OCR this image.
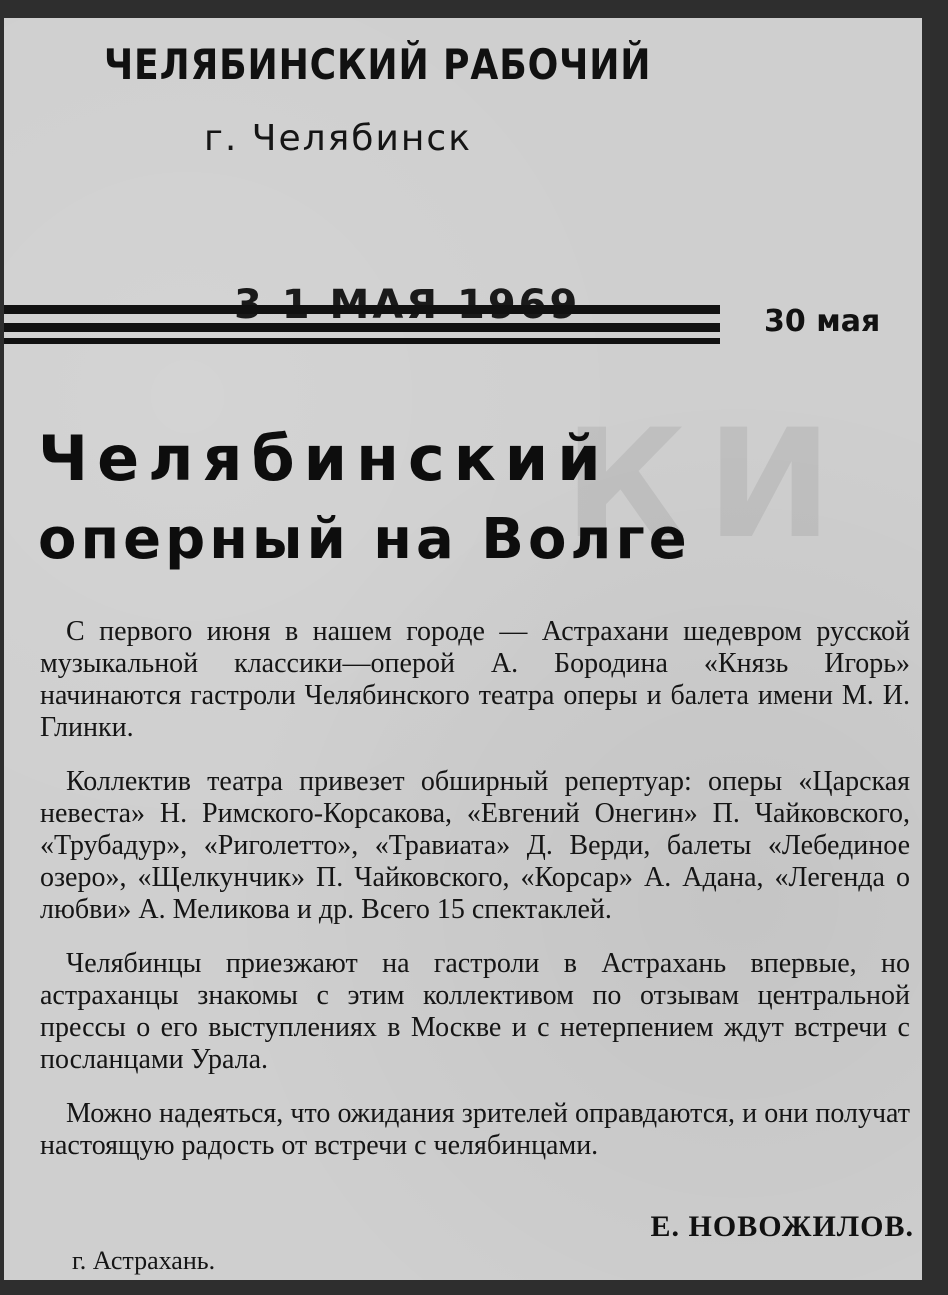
КИ
ЧЕЛЯБИНСКИЙ РАБОЧИЙ
г. Челябинск
30 мая
Челябинский
оперный на Волге

С первого июня в нашем городе — Астрахани шедевром русской музыкальной классики—оперой А. Бородина «Князь Игорь» начинаются гастроли Челябинского театра оперы и балета имени М. И. Глинки.

Коллектив театра привезет обширный репертуар: оперы «Царская невеста» Н. Римского-Корсакова, «Евгений Онегин» П. Чайковского, «Трубадур», «Риголетто», «Травиата» Д. Верди, балеты «Лебединое озеро», «Щелкунчик» П. Чайковского, «Корсар» А. Адана, «Легенда о любви» А. Меликова и др. Всего 15 спектаклей.

Челябинцы приезжают на гастроли в Астрахань впервые, но астраханцы знакомы с этим коллективом по отзывам центральной прессы о его выступлениях в Москве и с нетерпением ждут встречи с посланцами Урала.

Можно надеяться, что ожидания зрителей оправдаются, и они получат настоящую радость от встречи с челябинцами.

Е. НОВОЖИЛОВ.
г. Астрахань.
